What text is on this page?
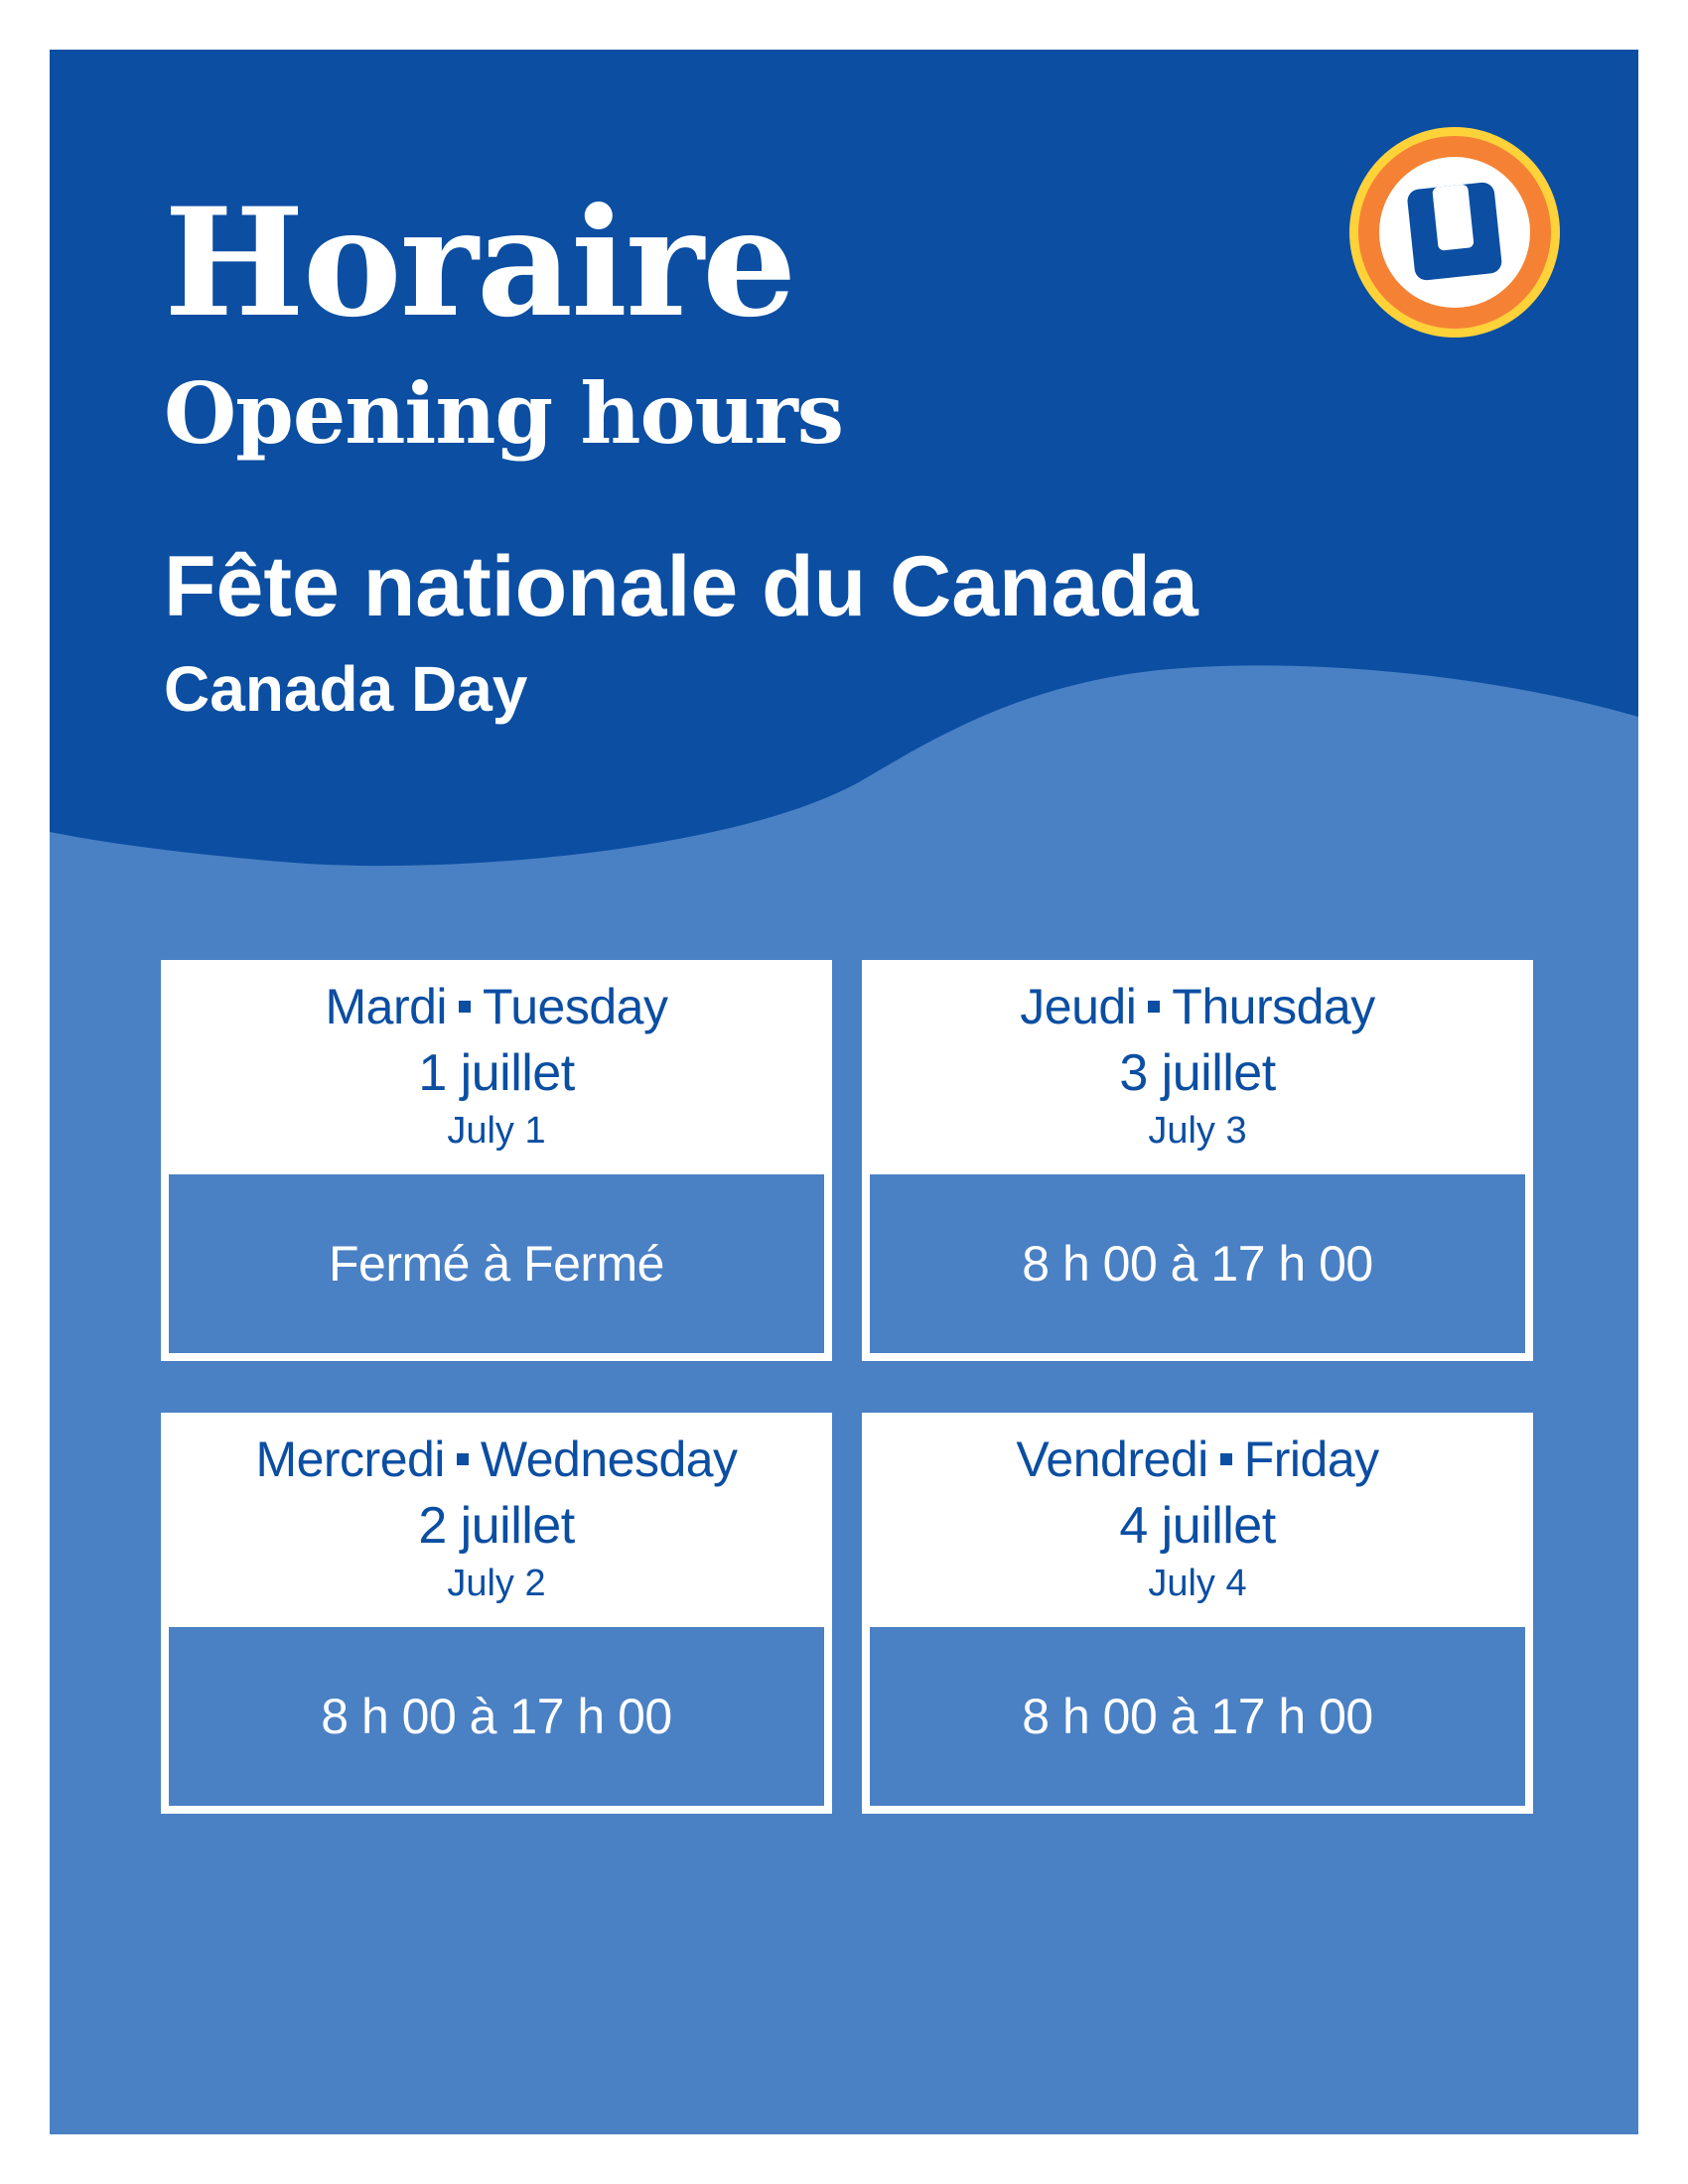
Horaire
Opening hours
Fête nationale du Canada
Canada Day
Mardi Tuesday
1 juillet
July 1
Fermé à Fermé
Jeudi Thursday
3 juillet
July 3
8 h 00 à 17 h 00
Mercredi Wednesday
2 juillet
July 2
8 h 00 à 17 h 00
Vendredi Friday
4 juillet
July 4
8 h 00 à 17 h 00
